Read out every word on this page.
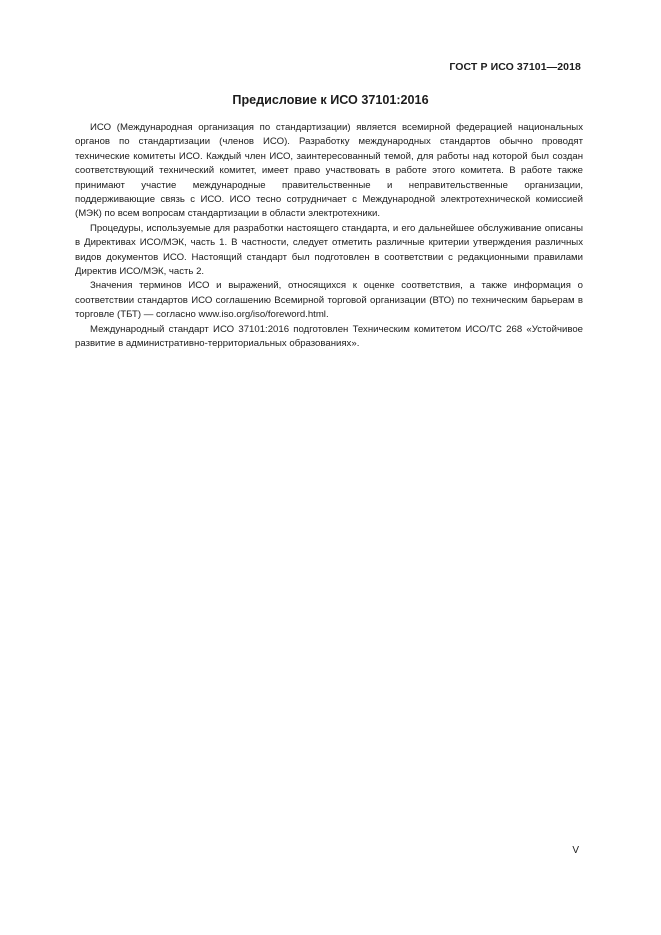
ГОСТ Р ИСО 37101—2018
Предисловие к ИСО 37101:2016

ИСО (Международная организация по стандартизации) является всемирной федерацией национальных органов по стандартизации (членов ИСО). Разработку международных стандартов обычно проводят технические комитеты ИСО. Каждый член ИСО, заинтересованный темой, для работы над которой был создан соответствующий технический комитет, имеет право участвовать в работе этого комитета. В работе также принимают участие международные правительственные и неправительственные организации, поддерживающие связь с ИСО. ИСО тесно сотрудничает с Международной электротехнической комиссией (МЭК) по всем вопросам стандартизации в области электротехники.

Процедуры, используемые для разработки настоящего стандарта, и его дальнейшее обслуживание описаны в Директивах ИСО/МЭК, часть 1. В частности, следует отметить различные критерии утверждения различных видов документов ИСО. Настоящий стандарт был подготовлен в соответствии с редакционными правилами Директив ИСО/МЭК, часть 2.

Значения терминов ИСО и выражений, относящихся к оценке соответствия, а также информация о соответствии стандартов ИСО соглашению Всемирной торговой организации (ВТО) по техническим барьерам в торговле (ТБТ) — согласно www.iso.org/iso/foreword.html.

Международный стандарт ИСО 37101:2016 подготовлен Техническим комитетом ИСО/ТС 268 «Устойчивое развитие в административно-территориальных образованиях».

V
